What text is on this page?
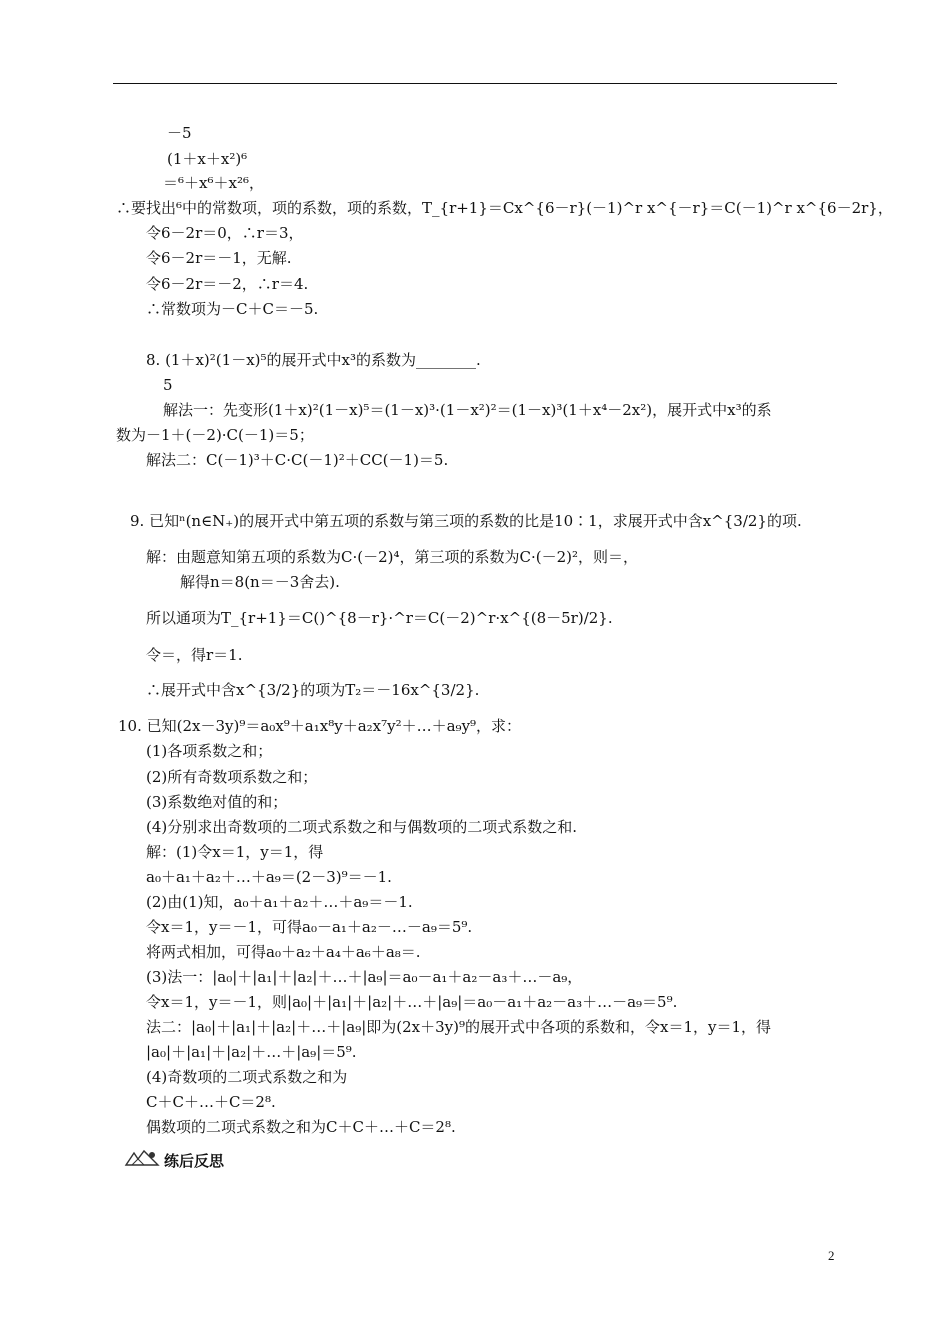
－5
(1＋x＋x²)⁶
＝⁶＋x⁶＋x²⁶，
∴要找出⁶中的常数项，项的系数，项的系数，T_{r+1}＝Cx^{6－r}(－1)^r x^{－r}＝C(－1)^r x^{6－2r}，
令6－2r＝0，∴r＝3，
令6－2r＝－1，无解.
令6－2r＝－2，∴r＝4.
∴常数项为－C＋C＝－5.
8. (1＋x)²(1－x)⁵的展开式中x³的系数为________.
5
解法一：先变形(1＋x)²(1－x)⁵＝(1－x)³·(1－x²)²＝(1－x)³(1＋x⁴－2x²)，展开式中x³的系
数为－1＋(－2)·C(－1)＝5；
解法二：C(－1)³＋C·C(－1)²＋CC(－1)＝5.
9. 已知ⁿ(n∈N₊)的展开式中第五项的系数与第三项的系数的比是10∶1，求展开式中含x^{3/2}的项.
解：由题意知第五项的系数为C·(－2)⁴，第三项的系数为C·(－2)²，则＝，
解得n＝8(n＝－3舍去).
所以通项为T_{r+1}＝C()^{8－r}·^r＝C(－2)^r·x^{(8－5r)/2}.
令＝，得r＝1.
∴展开式中含x^{3/2}的项为T₂＝－16x^{3/2}.
10. 已知(2x－3y)⁹＝a₀x⁹＋a₁x⁸y＋a₂x⁷y²＋…＋a₉y⁹，求：
(1)各项系数之和；
(2)所有奇数项系数之和；
(3)系数绝对值的和；
(4)分别求出奇数项的二项式系数之和与偶数项的二项式系数之和.
解：(1)令x＝1，y＝1，得
a₀＋a₁＋a₂＋…＋a₉＝(2－3)⁹＝－1.
(2)由(1)知，a₀＋a₁＋a₂＋…＋a₉＝－1.
令x＝1，y＝－1，可得a₀－a₁＋a₂－…－a₉＝5⁹.
将两式相加，可得a₀＋a₂＋a₄＋a₆＋a₈＝.
(3)法一：|a₀|＋|a₁|＋|a₂|＋…＋|a₉|＝a₀－a₁＋a₂－a₃＋…－a₉，
令x＝1，y＝－1，则|a₀|＋|a₁|＋|a₂|＋…＋|a₉|＝a₀－a₁＋a₂－a₃＋…－a₉＝5⁹.
法二：|a₀|＋|a₁|＋|a₂|＋…＋|a₉|即为(2x＋3y)⁹的展开式中各项的系数和，令x＝1，y＝1，得
|a₀|＋|a₁|＋|a₂|＋…＋|a₉|＝5⁹.
(4)奇数项的二项式系数之和为
C＋C＋…＋C＝2⁸.
偶数项的二项式系数之和为C＋C＋…＋C＝2⁸.
练后反思
2
